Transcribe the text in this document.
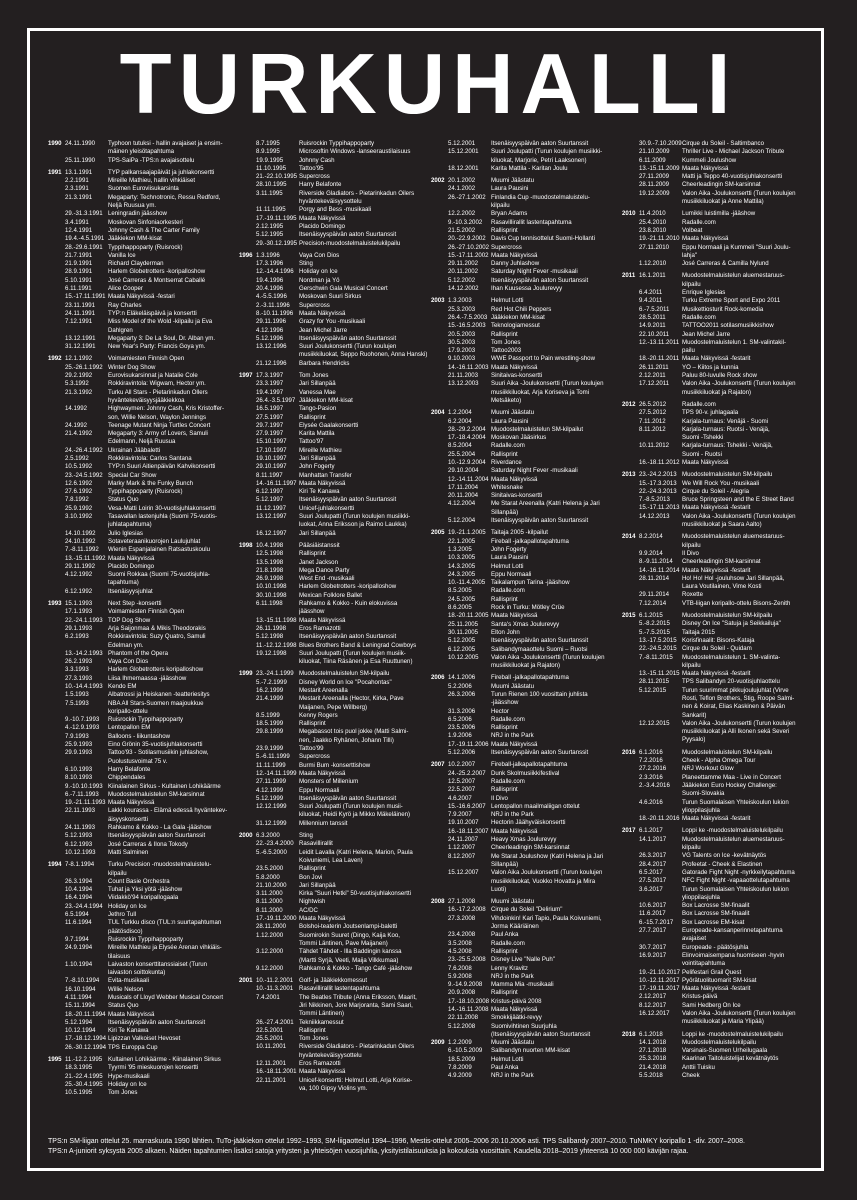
TURKUHALLI
1990 24.11.1990	Typhoon tutuksi - hallin avajaiset ja ensim-
mäinen yleisötapahtuma
25.11.1990	TPS-SaiPa -TPS:n avajaisottelu
1991 13.1.1991	TYP palkansaajapäivät ja juhlakonsertti
2.2.1991	Mireille Mathieu, hallin vihkiäiset
2.3.1991	Suomen Euroviisukarsinta
21.3.1991	Megaparty: Technotronic, Ressu Redford,
Neljä Ruusua ym.
29.-31.3.1991 Leningradin jäässhow
3.4.1991	Moskovan Sinfoniaorkesteri
12.4.1991	Johnny Cash & The Carter Family
19.4.-4.5.1991 Jääkiekon MM-kisat
28.-29.6.1991 Typpihappoparty (Ruisrock)
21.7.1991	Vanilla Ice
21.9.1991	Richard Clayderman
28.9.1991	Harlem Globetrotters -koripalloshow
5.10.1991	José Carreras & Montserrat Caballé
6.11.1991	Alice Cooper
15.-17.11.1991 Maata Näkyvissä -festari
23.11.1991	Ray Charles
24.11.1991	TYP:n Eläkeläispäivä ja konsertti
7.12.1991	Miss Model of the Wold -kilpailu ja Eva
Dahlgren
13.12.1991	Megaparty 3: De La Soul, Dr. Alban ym.
31.12.1991	New Year's Party: Francis Goya ym.
1992 12.1.1992	Voimamiesten Finnish Open
25.-26.1.1992 Winter Dog Show
29.2.1992	Eurovisukarsinnat ja Natalie Cole
5.3.1992	Rokkiravintola: Wigwam, Hector ym.
21.3.1992	Turku All Stars - Pietarinkadun Ollers
hyväntekeväisyysjääkiekkoa
14.1992	Highwaymen: Johnny Cash, Kris Kristoffer-
son, Willie Nelson, Waylon Jennings
24.1992	Teenage Mutant Ninja Turtles Concert
21.4.1992	Megaparty 3: Army of Lovers, Samuli
Edelmann, Neljä Ruusua
24.-26.4.1992 Ukrainan Jääbaletti
2.5.1992	Rokkiravintola: Carlos Santana
10.5.1992	TYP:n Suuri Aitienpäivän Kahvikonsertti
23.-24.5.1992 Special Car Show
12.6.1992	Marky Mark & the Funky Bunch
27.6.1992	Typpihappoparty (Ruisrock)
7.8.1992	Status Quo
25.9.1992	Vesa-Matti Loirin 30-vuotisjuhlakonsertti
3.10.1992	Tasavallan lastenjuhla (Suomi 75-vuotis-
juhlatapahtuma)
14.10.1992	Julio Iglesias
24.10.1992	Sotaveteraanikuorojen Laulujuhlat
7.-8.11.1992	Wienin Espanjalainen Ratsastuskoulu
13.-15.11.1992 Maata Näkyvissä
29.11.1992	Placido Domingo
4.12.1992	Suomi Rokkaa (Suomi 75-vuotisjuhla-
tapahtuma)
6.12.1992	Itsenäisyysjuhlat
1993 15.1.1993	Next Step -konsertti
17.1.1993	Voimamiesten Finnish Open
22.-24.1.1993 TOP Dog Show
29.1.1993	Arja Saijonmaa & Mikis Theodorakis
6.2.1993	Rokkiravintola: Suzy Quatro, Samuli
Edelman ym.
13.-14.2.1993 Phantom of the Opera
26.2.1993	Vaya Con Dios
3.3.1993	Harlem Globetrotters koripalloshow
27.3.1993	Liisa Ihmemaassa -jäässhow
10.-14.4.1993 Kendo EM
1.5.1993	Albatrossi ja Heiskanen -teatteriesitys
7.5.1993	NBA All Stars-Suomen maajoukkue
koripallo-ottelu
9.-10.7.1993	Ruisrockin Typpihappoparty
4.-12.9.1993	Lentopallon EM
7.9.1993	Balloons - liikuntashow
25.9.1993	Eino Grönin 35-vuotisjuhlakonsertti
29.9.1993	Tattoo'93 - Sotilasmusiikin juhlashow,
Puolustusvoimat 75 v.
6.10.1993	Harry Belafonte
8.10.1993	Chippendales
9.-10.10.1993 Kiinalainen Sirkus - Kultainen Lohikäärme
6.-7.11.1993	Muodostelmaluistelun SM-karsinnat
19.-21.11.1993 Maata Näkyvissä
22.11.1993	Lakki kourassa - Elämä edessä hyväntekev-
äisyyskonsertti
24.11.1993	Rahkamo & Kokko - La Gala -jääshow
5.12.1993	Itsenäisyyspäivän aaton Suurtanssit
6.12.1993	José Carreras & Ilona Tokody
10.12.1993	Matti Salminen
1994 7-8.1.1994	Turku Precision -muodostelmaluistelu-
kilpailu
26.3.1994	Count Basie Orchestra
10.4.1994	Tuhat ja Yksi yötä -jääshow
16.4.1994	Viidakkö'94 koripallogaala
23.-24.4.1994 Holiday on Ice
6.5.1994	Jethro Tull
11.6.1994	TUL Turkku disco (TUL:n suurtapahtuman
päätösdisco)
9.7.1994	Ruisrockin Typpihappoparty
24.9.1994	Mireille Mathieu ja Elysée Arenan vihkiäis-
tilaisuus
1.10.1994	Laivaston konserttitanssiaiset (Turun
laivaston soittokunta)
7.-8.10.1994	Evita-musikaali
16.10.1994	Willie Nelson
4.11.1994	Musicals of Lloyd Webber Musical Concert
15.11.1994	Status Quo
18.-20.11.1994 Maata Näkyvissä
5.12.1994	Itsenäisyyspäivän aaton Suurtanssit
10.12.1994	Kiri Te Kanawa
17.-18.12.1994 Lipizzan Valkoiset Hevoset
26.-30.12.1994 TPS Europpa Cup
1995 11.-12.2.1995 Kultainen Lohikäärme - Kiinalainen Sirkus
18.3.1995	Tyyrmi '95 mieskuorojen konsertti
21.-22.4.1995 Hype-musikaali
25.-30.4.1995 Holiday on Ice
10.5.1995	Tom Jones
8.7.1995	Ruisrockin Typpihappoparty
8.9.1995	Microsoftin Windows -lanseeraustilaisuus
19.9.1995	Johnny Cash
11.10.1995	Tattoo'95
21.-22.10.1995 Supercross
28.10.1995	Harry Belafonte
3.11.1995	Riverside Gladiators - Pietarinkadun Oilers
hyväntekeväisyysottelu
11.11.1995	Porgy and Bess -musikaali
17.-19.11.1995 Maata Näkyvissä
2.12.1995	Placido Domingo
5.12.1995	Itsenäisyyspäivän aaton Suurtanssit
29.-30.12.1995 Precision-muodostelmaluistelukilpailu
1996 1.3.1996	Vaya Con Dios
17.3.1996	Sting
12.-14.4.1996 Holiday on Ice
19.4.1996	Nordman ja Yö
20.4.1996	Gerschwin Gala Musical Concert
4.-5.5.1996	Moskovan Suuri Sirkus
2.-3.11.1996	Supercross
8.-10.11.1996 Maata Näkyvissä
29.11.1996	Grazy for You -musikaali
4.12.1996	Jean Michel Jarre
5.12.1996	Itsenäisyyspäivän aaton Suurtanssit
13.12.1996	Suuri Joulukonsertti (Turun koulujen
musiikkiluokat, Seppo Ruohonen, Anna Hanski)
21.12.1996	Barbara Hendricks
1997 17.3.1997	Tom Jones
23.3.1997	Jari Sillanpää
19.4.1997	Vanessa Mae
26.4.-3.5.1997 Jääkiekon MM-kisat
16.5.1997	Tango-Pasion
27.5.1997	Rallisprint
29.7.1997	Elysée Gaalakonsertti
27.9.1997	Karita Mattila
15.10.1997	Tattoo'97
17.10.1997	Mireille Mathieu
19.10.1997	Jari Sillanpää
29.10.1997	John Fogerty
8.11.1997	Manhattan Transfer
14.-16.11.1997 Maata Näkyvissä
6.12.1997	Kiri Te Kanawa
5.12.1997	Itsenäisyyspäivän aaton Suurtanssit
11.12.1997	Unicef-juhlakonsertti
13.12.1997	Suuri Joulupatti (Turun koulujen musiikki-
luokat, Anna Eriksson ja Raimo Laukka)
16.12.1997	Jari Sillanpää
1998 10.4.1998	Pääsiäistanssit
12.5.1998	Rallisprint
13.5.1998	Janet Jackson
21.8.1998	Mega Dance Party
26.9.1998	West End -musikaali
10.10.1998	Harlem Globetrotters -koripalloshow
30.10.1998	Mexican Folklore Ballet
6.11.1998	Rahkamo & Kokko - Kuin elokuvissa
jäässhow
13.-15.11.1998 Maata Näkyvissä
26.11.1998	Eros Ramazotti
5.12.1998	Itsenäisyyspäivän aaton Suurtanssit
11.-12.12.1998 Blues Brothers Band & Leningrad Cowboys
19.12.1998	Suuri Joulupatti (Turun koulujen musiik-
kiluokat, Tiina Räsänen ja Esa Ruuttunen)
1999 23.-24.1.1999 Muodostelmaluistelun SM-kilpailu
5.-7.2.1999	Disney World on Ice "Pocahontas"
16.2.1999	Mestarit Areenalla
21.4.1999	Mestarit Areenalla (Hector, Kirka, Pave
Maijanen, Pepe Willberg)
8.5.1999	Kenny Rogers
18.5.1999	Rallisprint
29.8.1999	Megabassot tois puol jokke (Matti Salmi-
nen, Jaakko Ryhänen, Johann Tilli)
23.9.1999	Tattoo'99
5.-6.11.1999	Supercross
11.11.1999	Burmi Bum -konserttishow
12.-14.11.1999 Maata Näkyvissä
27.11.1999	Monsters of Millenium
4.12.1999	Eppu Normaali
5.12.1999	Itsenäisyyspäivän aaton Suurtanssit
12.12.1999	Suuri Joulupatti (Turun koulujen musii-
kiluokat, Heidi Kyrö ja Mikko Mäkeläinen)
31.12.1999	Millennium tanssit
2000 6.3.2000	Sting
22.-23.4.2000 Rasavillirallit
5.-6.5.2000	Leidit Lavalla (Katri Helena, Marion, Paula
Koivuniemi, Lea Laven)
23.5.2000	Rallisprint
5.8.2000	Bon Jovi
21.10.2000	Jari Sillanpää
3.11.2000	Kirka "Suuri Hetki" 50-vuotisjuhlakonsertti
8.11.2000	Nightwish
8.11.2000	AC/DC
17.-19.11.2000 Maata Näkyvissä
28.11.2000	Bolshoi-teaterin Joutsenlampi-baletti
1.12.2000	Suomirokin Suuret (Dingo, Kaija Koo,
Tommi Läntinen, Pave Maijanen)
3.12.2000	Tähdet Tähdet - Illa Baddingin kanssa
(Martti Syrjä, Veeti, Maija Vilkkumaa)
9.12.2000	Rahkamo & Kokko - Tango Café -jääshow
2001 10.-11.2.2001 Golf- ja Jääkiekkomessut
10.-11.3.2001 Rasavillirallit lastentapahtuma
7.4.2001	The Beatles Tribute (Anna Eriksson, Maarit,
Jiri Nikkinen, Jore Marjoranta, Sami Saari,
Tommi Läntinen)
26.-27.4.2001 Tekniikkamessut
22.5.2001	Rallisprint
25.5.2001	Tom Jones
10.11.2001	Riverside Gladiators - Pietarinkadun Oilers
hyväntekeväisyysottelu
12.11.2001	Eros Ramazotti
16.-18.11.2001 Maata Näkyvissä
22.11.2001	Unicef-konsertti: Helmut Lotti, Arja Korise-
va, 100 Gipsy Violins ym.
5.12.2001	Itsenäisyyspäivän aaton Suurtanssit
15.12.2001	Suuri Joulupatti (Turun koulujen musiikki-
kiluokat, Marjorie, Petri Laaksonen)
18.12.2001	Karita Mattila - Karitan Joulu
2002 20.1.2002	Muumi Jäästatu
24.1.2002	Laura Pausini
26.-27.1.2002 Finlandia Cup -muodostelmaluistelu-
kilpailu
12.2.2002	Bryan Adams
9.-10.3.2002	Rasavillirallit lastentapahtuma
21.5.2002	Rallisprint
20.-22.9.2002 Davis Cup tennisottelut Suomi-Hollanti
26.-27.10.2002 Supercross
15.-17.11.2002 Maata Näkyvissä
29.11.2002	Danny Juhlashow
20.11.2002	Saturday Night Fever -musikaali
5.12.2002	Itsenäisyyspäivän aaton Suurtanssit
14.12.2002	Ihan Kuusessa Joulurevyy
2003 1.3.2003	Helmut Lotti
25.3.2003	Red Hot Chili Peppers
26.4.-7.5.2003 Jääkiekon MM-kisat
15.-16.5.2003 Teknologiamessut
20.5.2003	Rallisprint
30.5.2003	Tom Jones
17.9.2003	Tattoo2003
9.10.2003	WWE Passport to Pain wrestling-show
14.-16.11.2003 Maata Näkyvissä
21.11.2003	Sinitaivas-konsertti
13.12.2003	Suuri Aika -Joulukonsertti (Turun koulujen
musiikkiluokat, Arja Koriseva ja Tomi
Metsäketo)
2004 1.2.2004	Muumi Jäästatu
6.2.2004	Laura Pausini
28.-29.2.2004 Muodostelmaluistelun SM-kilpailut
17.-18.4.2004 Moskovan Jääsirkus
8.5.2004	Radalle.com
25.5.2004	Rallisprint
10.-12.9.2004 Riverdance
29.10.2004	Saturday Night Fever -musikaali
12.-14.11.2004 Maata Näkyvissä
17.11.2004	Whitesnake
20.11.2004	Sinitaivas-konsertti
4.12.2004	Me Starat Areenalla (Katri Helena ja Jari
Sillanpää)
5.12.2004	Itsenäisyyspäivän aaton Suurtanssit
2005 19.-21.1.2005 Taitaja 2005 -kilpailut
22.1.2005	Fireball -jalkapallotapahtuma
1.3.2005	John Fogerty
10.3.2005	Laura Pausini
14.3.2005	Helmut Lotti
24.3.2005	Eppu Normaali
10.-11.4.2005 Taikalampun Tarina -jääshow
8.5.2005	Radalle.com
24.5.2005	Rallisprint
8.6.2005	Rock in Turku: Mötley Crüe
18.-20.11.2005 Maata Näkyvissä
25.11.2005	Santa's Xmas Joulurevyy
30.11.2005	Elton John
5.12.2005	Itsenäisyyspäivän aaton Suurtanssit
6.12.2005	Salibandymaaottelu Suomi – Ruotsi
10.12.2005	Valon Aika -Joulukonsertti (Turun koulujen
musiikkiluokat ja Rajaton)
2006 14.1.2006	Fireball -jalkapallotapahtuma
5.2.2006	Muumi Jäästatu
26.3.2006	Turun Rienen 100 vuosittain juhlista
-jäässhow
31.3.2006	Hector
6.5.2006	Radalle.com
23.5.2006	Rallisprint
1.9.2006	NRJ in the Park
17.-19.11.2006 Maata Näkyvissä
5.12.2006	Itsenäisyyspäivän aaton Suurtanssit
2007 10.2.2007	Fireball-jalkapallotapahtuma
24.-25.2.2007 Dunk Skolmusiikkifestival
12.5.2007	Radalle.com
22.5.2007	Rallisprint
4.6.2007	Il Divo
15.-16.6.2007 Lentopallon maailmaliigan ottelut
7.9.2007	NRJ in the Park
19.10.2007	Hectorin Jäähyväiskonsertti
16.-18.11.2007 Maata Näkyvissä
24.11.2007	Heavy Xmas Joulurevyy
1.12.2007	Cheerleadingin SM-karsinnat
8.12.2007	Me Starat Joulushow (Katri Helena ja Jari
Sillanpää)
15.12.2007	Valon Aika Joulukonsertti (Turun koulujen
musiikkiluokat, Vuokko Hovatta ja Mira
Luoti)
2008 27.1.2008	Muumi Jäästatu
16.-17.2.2008 Cirque du Soleil "Delirium"
27.3.2008	Vihdoinkin! Kari Tapio, Paula Koivuniemi,
Jorma Kääriäinen
23.4.2008	Paul Anka
3.5.2008	Radalle.com
4.5.2008	Rallisprint
23.-25.5.2008 Disney Live "Nalle Puh"
7.6.2008	Lenny Kravitz
5.9.2008	NRJ in the Park
9.-14.9.2008	Mamma Mia -musikaali
20.9.2008	Rallisprint
17.-18.10.2008 Kristus-päivä 2008
14.-16.11.2008 Maata Näkyvissä
22.11.2008	Smokkijäätki-revyy
5.12.2008	Suomivihtinen Suurjuhla
(Itsenäisyyspäivän aaton Suurtanssit
2009 1.2.2009	Muumi Jäästatu
6.-10.5.2009	Salibandyn nuorten MM-kisat
18.5.2009	Helmut Lotti
7.8.2009	Paul Anka
4.9.2009	NRJ in the Park
30.9.-7.10.2009 Cirque du Soleil - Saltimbanco
21.10.2009	Thriller Live - Michael Jackson Tribute
6.11.2009	Kummeli Joulushow
13.-15.11.2009 Maata Näkyvissä
27.11.2009	Matti ja Teppo 40-vuotisjuhlakonsertti
28.11.2009	Cheerleadingin SM-karsinnat
19.12.2009	Valon Aika -Joulukonsertti (Turun koulujen
musiikkiluokat ja Anne Mattila)
2010 11.4.2010	Lumikki luistimilla -jääshow
25.4.2010	Radalle.com
23.8.2010	Volbeat
19.-21.11.2010 Maata Näkyvissä
27.11.2010	Eppu Normaali ja Kummeli "Suuri Joulu-
lahja"
1.12.2010	José Carreras & Camilla Nylund
2011 16.1.2011	Muodostelmaluistelun aluemestaruus-
kilpailu
6.4.2011	Enrique Iglesias
9.4.2011	Turku Extreme Sport and Expo 2011
6.-7.5.2011	Musikettiosturit Rock-komedia
28.5.2011	Radalle.com
14.9.2011	TATTOO2011 sotilasmusiikkishow
22.10.2011	Jean Michel Jarre
12.-13.11.2011 Muodostelmaluistelun 1. SM-valintakil-
pailu
18.-20.11.2011 Maata Näkyvissä -festarit
26.11.2011	YÖ – Kiitos ja kunnia
2.12.2011	Paluu 80-luvulle Rock show
17.12.2011	Valon Aika -Joulukonsertti (Turun koulujen
musiikkiluokat ja Rajaton)
2012 26.5.2012	Radalle.com
27.5.2012	TPS 90-v. juhlagaala
7.11.2012	Karjala-turnaus: Venäjä - Suomi
8.11.2012	Karjala-turnaus: Ruotsi - Venäjä,
Suomi -Tshekki
10.11.2012	Karjala-turnaus: Tshekki - Venäjä,
Suomi - Ruotsi
16.-18.11.2012 Maata Näkyvissä
2013 23.-24.2.2013 Muodostelmaluistelun SM-kilpailu
15.-17.3.2013 We Will Rock You -musikaali
22.-24.3.2013 Cirque du Soleil - Alegria
7.-8.5.2013	Bruce Springsteen and the E Street Band
15.-17.11.2013 Maata Näkyvissä -festarit
14.12.2013	Valon Aika -Joulukonsertti (Turun koulujen
musiikkiluokat ja Saara Aalto)
2014 8.2.2014	Muodostelmaluistelun aluemestaruus-
kilpailu
9.9.2014	Il Divo
8.-9.11.2014	Cheerleadingin SM-karsinnat
14.-16.11.2014 Maata Näkyvissä -festarit
28.11.2014	Ho! Ho! Hol -jouluhsow Jari Sillanpää,
Laura Voutilainen, Vime Kosti
29.11.2014	Roxette
7.12.2014	VTB-liigan koripallo-ottelu Bisons-Zenith
2015 6.1.2015	Muodostelmaluistelun SM-kilpailu
5.-8.2.2015	Disney On Ice "Satuja ja Seikkailuja"
5.-7.5.2015	Taitaja 2015
13.-17.5.2015 Korisfinaalit: Bisons-Kataja
22.-24.5.2015 Cirque du Soleil - Quidam
7.-8.11.2015	Muodostelmaluistelun 1. SM-valinta-
kilpailu
13.-15.11.2015 Maata Näkyvissä -festarit
28.11.2015	TPS Salibandyn 20-vuotisjuhlaottelu
5.12.2015	Turun suurimmat pikkujoulujuhlat (Virve
Rosti, Teflon Brothers, Stig, Roope Salmi-
nen & Koirat, Elias Kaskinen & Päivän
Sankarit)
12.12.2015	Valon Aika -Joulukonsertti (Turun koulujen
musiikkiluokat ja Alli Ikonen sekä Severi
Pyysalo)
2016 6.1.2016	Muodostelmaluistelun SM-kilpailu
7.2.2016	Cheek - Alpha Omega Tour
27.2.2016	NRJ Workout Glow
2.3.2016	Planeettamme Maa - Live in Concert
2.-3.4.2016	Jääkiekon Euro Hockey Challenge:
Suomi-Slovakia
4.6.2016	Turun Suomalaisen Yhteiskoulun lukion
ylioppilasjuhla
18.-20.11.2016 Maata Näkyvissä -festarit
2017 6.1.2017	Loppi ke -muodostelmaluistelukilpailu
14.1.2017	Muodostelmaluistelun aluemestaruus-
kilpailu
26.3.2017	VG Talents on Ice -kevätnäytös
28.4.2017	Profeetat - Cheek & Elastinen
6.5.2017	Gatorade Fight Night -nyrkkeilytapahtuma
27.5.2017	NFC Fight Night -vapaaottelutapahtuma
3.6.2017	Turun Suomalaisen Yhteiskoulun lukion
ylioppilasjuhla
10.6.2017	Box Lacrosse SM-finaalit
11.6.2017	Box Lacrosse SM-finaalit
6.-15.7.2017	Box Lacrosse EM-kisat
27.7.2017	Europeade-kansanperinnetapahtuma
avajaiset
30.7.2017	Europeade - päätösjuhla
16.9.2017	Elinvoimaisempana huomiseen -hyvin
vointitapahtuma
19.-21.10.2017 Pelifestari Grail Quest
10.-12.11.2017 Pyörätuolituomarit SM-kisat
17.-19.11.2017 Maata Näkyvissä -festarit
2.12.2017	Kristus-päivä
8.12.2017	Sami Hedberg On Ice
16.12.2017	Valon Aika -Joulukonsertti (Turun koulujen
musiikkiluokat ja Maria Ylipää)
2018 6.1.2018	Loppi ke -muodostelmaluistelukilpailu
14.1.2018	Muodostelmaluistelukilpailu
27.1.2018	Varsinais-Suomen Urheilugaala
25.3.2018	Kaarinan Taitoluistelijat kevätnäytös
21.4.2018	Anttii Tuisku
5.5.2018	Cheek
TPS:n SM-liigan ottelut 25. marraskuuta 1990 lähtien. TuTo-jääkiekon ottelut 1992–1993, SM-liigaottelut 1994–1996, Mestis-ottelut 2005–2006 20.10.2006 asti. TPS Salibandy 2007–2010. TuNMKY koripallo 1 -div. 2007–2008.
TPS:n A-juniorit syksystä 2005 alkaen. Näiden tapahtumien lisäksi satoja yritysten ja yhteisöjen vuosijuhlia, yksityistilaisuuksia ja kokouksia vuosittain. Kaudella 2018–2019 yhteensä 10 000 000 kävijän rajaa.
